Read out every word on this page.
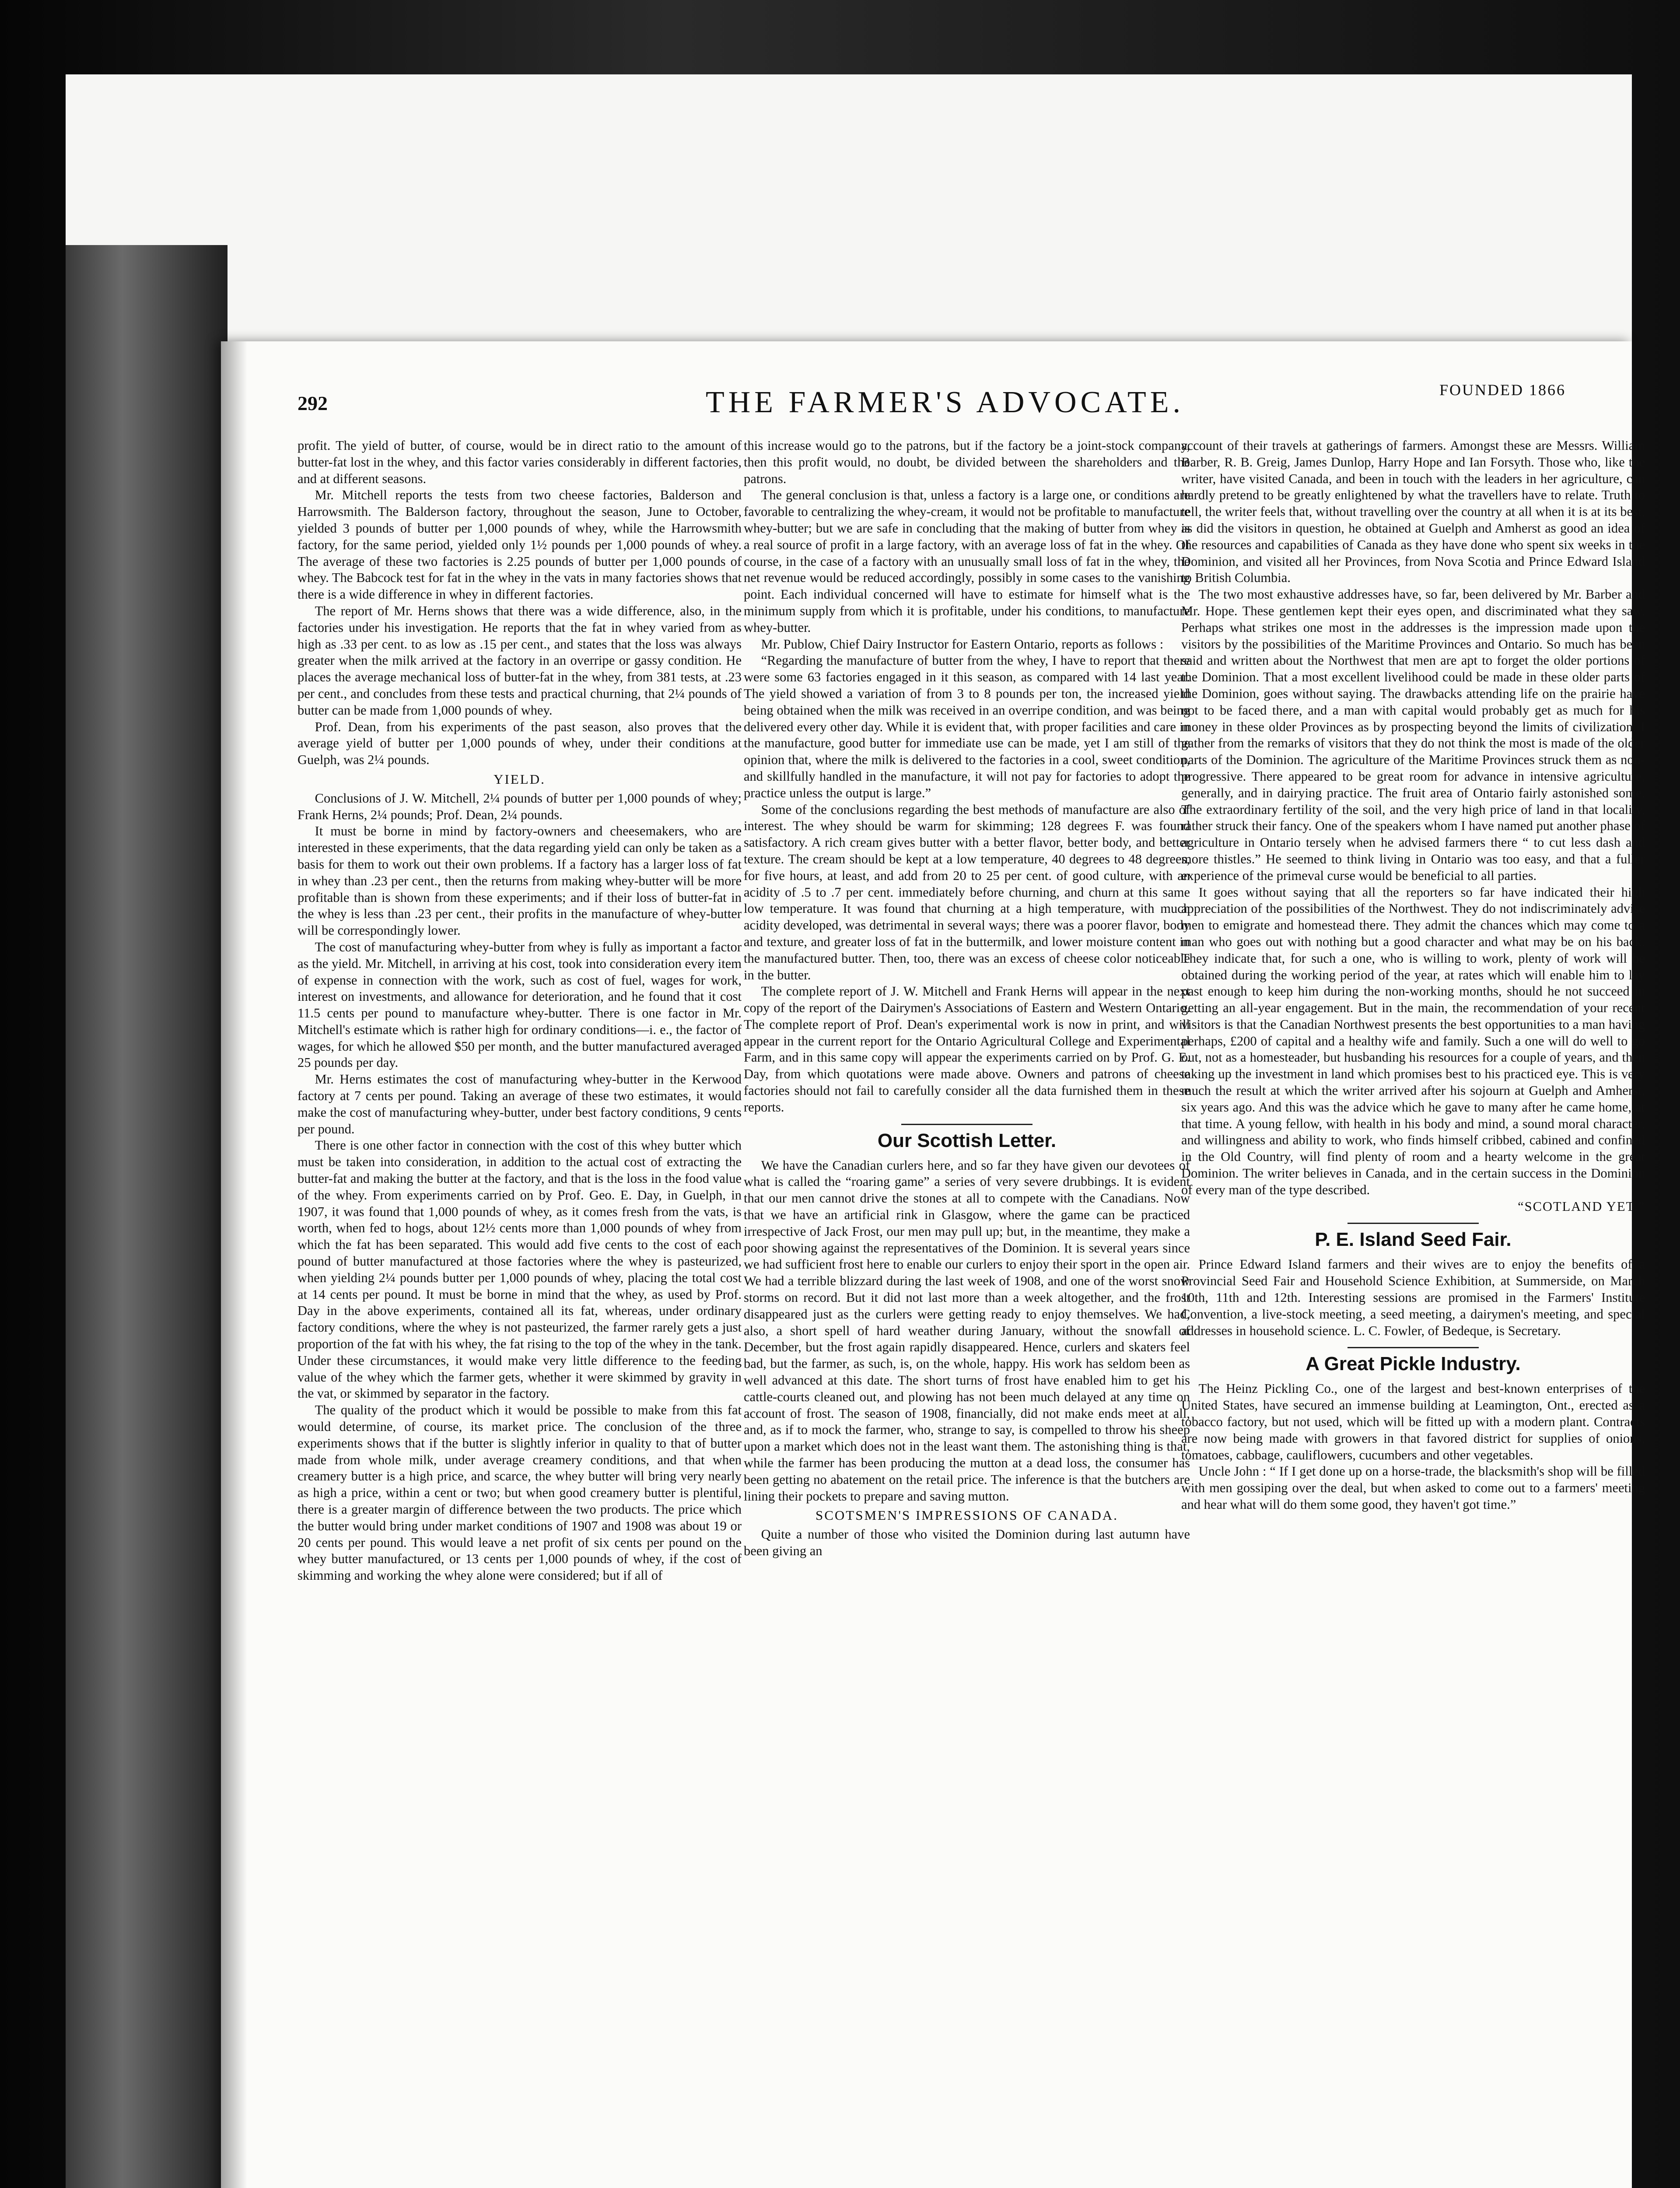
292	THE FARMER'S ADVOCATE.	FOUNDED 1866

profit. The yield of butter, of course, would be in direct ratio to the amount of butter-fat lost in the whey, and this factor varies considerably in different factories, and at different seasons.

Mr. Mitchell reports the tests from two cheese factories, Balderson and Harrowsmith. The Balderson factory, throughout the season, June to October, yielded 3 pounds of butter per 1,000 pounds of whey, while the Harrowsmith factory, for the same period, yielded only 1½ pounds per 1,000 pounds of whey. The average of these two factories is 2.25 pounds of butter per 1,000 pounds of whey. The Babcock test for fat in the whey in the vats in many factories shows that there is a wide difference in whey in different factories.

The report of Mr. Herns shows that there was a wide difference, also, in the factories under his investigation. He reports that the fat in whey varied from as high as .33 per cent. to as low as .15 per cent., and states that the loss was always greater when the milk arrived at the factory in an overripe or gassy condition. He places the average mechanical loss of butter-fat in the whey, from 381 tests, at .23 per cent., and concludes from these tests and practical churning, that 2¼ pounds of butter can be made from 1,000 pounds of whey.

Prof. Dean, from his experiments of the past season, also proves that the average yield of butter per 1,000 pounds of whey, under their conditions at Guelph, was 2¼ pounds.

YIELD.

Conclusions of J. W. Mitchell, 2¼ pounds of butter per 1,000 pounds of whey; Frank Herns, 2¼ pounds; Prof. Dean, 2¼ pounds.

It must be borne in mind by factory-owners and cheesemakers, who are interested in these experiments, that the data regarding yield can only be taken as a basis for them to work out their own problems. If a factory has a larger loss of fat in whey than .23 per cent., then the returns from making whey-butter will be more profitable than is shown from these experiments; and if their loss of butter-fat in the whey is less than .23 per cent., their profits in the manufacture of whey-butter will be correspondingly lower.

The cost of manufacturing whey-butter from whey is fully as important a factor as the yield. Mr. Mitchell, in arriving at his cost, took into consideration every item of expense in connection with the work, such as cost of fuel, wages for work, interest on investments, and allowance for deterioration, and he found that it cost 11.5 cents per pound to manufacture whey-butter. There is one factor in Mr. Mitchell's estimate which is rather high for ordinary conditions—i. e., the factor of wages, for which he allowed $50 per month, and the butter manufactured averaged 25 pounds per day.

Mr. Herns estimates the cost of manufacturing whey-butter in the Kerwood factory at 7 cents per pound. Taking an average of these two estimates, it would make the cost of manufacturing whey-butter, under best factory conditions, 9 cents per pound.

There is one other factor in connection with the cost of this whey butter which must be taken into consideration, in addition to the actual cost of extracting the butter-fat and making the butter at the factory, and that is the loss in the food value of the whey. From experiments carried on by Prof. Geo. E. Day, in Guelph, in 1907, it was found that 1,000 pounds of whey, as it comes fresh from the vats, is worth, when fed to hogs, about 12½ cents more than 1,000 pounds of whey from which the fat has been separated. This would add five cents to the cost of each pound of butter manufactured at those factories where the whey is pasteurized, when yielding 2¼ pounds butter per 1,000 pounds of whey, placing the total cost at 14 cents per pound. It must be borne in mind that the whey, as used by Prof. Day in the above experiments, contained all its fat, whereas, under ordinary factory conditions, where the whey is not pasteurized, the farmer rarely gets a just proportion of the fat with his whey, the fat rising to the top of the whey in the tank. Under these circumstances, it would make very little difference to the feeding value of the whey which the farmer gets, whether it were skimmed by gravity in the vat, or skimmed by separator in the factory.

The quality of the product which it would be possible to make from this fat would determine, of course, its market price. The conclusion of the three experiments shows that if the butter is slightly inferior in quality to that of butter made from whole milk, under average creamery conditions, and that when creamery butter is a high price, and scarce, the whey butter will bring very nearly as high a price, within a cent or two; but when good creamery butter is plentiful, there is a greater margin of difference between the two products. The price which the butter would bring under market conditions of 1907 and 1908 was about 19 or 20 cents per pound. This would leave a net profit of six cents per pound on the whey butter manufactured, or 13 cents per 1,000 pounds of whey, if the cost of skimming and working the whey alone were considered; but if all of

this increase would go to the patrons, but if the factory be a joint-stock company, then this profit would, no doubt, be divided between the shareholders and the patrons.

The general conclusion is that, unless a factory is a large one, or conditions are favorable to centralizing the whey-cream, it would not be profitable to manufacture whey-butter; but we are safe in concluding that the making of butter from whey is a real source of profit in a large factory, with an average loss of fat in the whey. Of course, in the case of a factory with an unusually small loss of fat in the whey, the net revenue would be reduced accordingly, possibly in some cases to the vanishing point. Each individual concerned will have to estimate for himself what is the minimum supply from which it is profitable, under his conditions, to manufacture whey-butter.

Mr. Publow, Chief Dairy Instructor for Eastern Ontario, reports as follows :

“Regarding the manufacture of butter from the whey, I have to report that there were some 63 factories engaged in it this season, as compared with 14 last year. The yield showed a variation of from 3 to 8 pounds per ton, the increased yield being obtained when the milk was received in an overripe condition, and was being delivered every other day. While it is evident that, with proper facilities and care in the manufacture, good butter for immediate use can be made, yet I am still of the opinion that, where the milk is delivered to the factories in a cool, sweet condition, and skillfully handled in the manufacture, it will not pay for factories to adopt the practice unless the output is large.”

Some of the conclusions regarding the best methods of manufacture are also of interest. The whey should be warm for skimming; 128 degrees F. was found satisfactory. A rich cream gives butter with a better flavor, better body, and better texture. The cream should be kept at a low temperature, 40 degrees to 48 degrees, for five hours, at least, and add from 20 to 25 per cent. of good culture, with an acidity of .5 to .7 per cent. immediately before churning, and churn at this same low temperature. It was found that churning at a high temperature, with much acidity developed, was detrimental in several ways; there was a poorer flavor, body and texture, and greater loss of fat in the buttermilk, and lower moisture content in the manufactured butter. Then, too, there was an excess of cheese color noticeable in the butter.

The complete report of J. W. Mitchell and Frank Herns will appear in the next copy of the report of the Dairymen's Associations of Eastern and Western Ontario. The complete report of Prof. Dean's experimental work is now in print, and will appear in the current report for the Ontario Agricultural College and Experimental Farm, and in this same copy will appear the experiments carried on by Prof. G. E. Day, from which quotations were made above. Owners and patrons of cheese factories should not fail to carefully consider all the data furnished them in these reports.

Our Scottish Letter.

We have the Canadian curlers here, and so far they have given our devotees of what is called the “roaring game” a series of very severe drubbings. It is evident that our men cannot drive the stones at all to compete with the Canadians. Now that we have an artificial rink in Glasgow, where the game can be practiced irrespective of Jack Frost, our men may pull up; but, in the meantime, they make a poor showing against the representatives of the Dominion. It is several years since we had sufficient frost here to enable our curlers to enjoy their sport in the open air. We had a terrible blizzard during the last week of 1908, and one of the worst snow storms on record. But it did not last more than a week altogether, and the frost disappeared just as the curlers were getting ready to enjoy themselves. We had, also, a short spell of hard weather during January, without the snowfall of December, but the frost again rapidly disappeared. Hence, curlers and skaters feel bad, but the farmer, as such, is, on the whole, happy. His work has seldom been as well advanced at this date. The short turns of frost have enabled him to get his cattle-courts cleaned out, and plowing has not been much delayed at any time on account of frost. The season of 1908, financially, did not make ends meet at all, and, as if to mock the farmer, who, strange to say, is compelled to throw his sheep upon a market which does not in the least want them. The astonishing thing is that, while the farmer has been producing the mutton at a dead loss, the consumer has been getting no abatement on the retail price. The inference is that the butchers are lining their pockets to prepare and saving mutton.

SCOTSMEN'S IMPRESSIONS OF CANADA.

Quite a number of those who visited the Dominion during last autumn have been giving an

account of their travels at gatherings of farmers. Amongst these are Messrs. William Barber, R. B. Greig, James Dunlop, Harry Hope and Ian Forsyth. Those who, like the writer, have visited Canada, and been in touch with the leaders in her agriculture, can hardly pretend to be greatly enlightened by what the travellers have to relate. Truth to tell, the writer feels that, without travelling over the country at all when it is at its best, as did the visitors in question, he obtained at Guelph and Amherst as good an idea of the resources and capabilities of Canada as they have done who spent six weeks in the Dominion, and visited all her Provinces, from Nova Scotia and Prince Edward Island to British Columbia.

The two most exhaustive addresses have, so far, been delivered by Mr. Barber and Mr. Hope. These gentlemen kept their eyes open, and discriminated what they saw. Perhaps what strikes one most in the addresses is the impression made upon the visitors by the possibilities of the Maritime Provinces and Ontario. So much has been said and written about the Northwest that men are apt to forget the older portions of the Dominion. That a most excellent livelihood could be made in these older parts of the Dominion, goes without saying. The drawbacks attending life on the prairie have not to be faced there, and a man with capital would probably get as much for his money in these older Provinces as by prospecting beyond the limits of civilization. I gather from the remarks of visitors that they do not think the most is made of the older parts of the Dominion. The agriculture of the Maritime Provinces struck them as non-progressive. There appeared to be great room for advance in intensive agriculture, generally, and in dairying practice. The fruit area of Ontario fairly astonished some. The extraordinary fertility of the soil, and the very high price of land in that locality, rather struck their fancy. One of the speakers whom I have named put another phase of agriculture in Ontario tersely when he advised farmers there “ to cut less dash and more thistles.” He seemed to think living in Ontario was too easy, and that a fuller experience of the primeval curse would be beneficial to all parties.

It goes without saying that all the reporters so far have indicated their high appreciation of the possibilities of the Northwest. They do not indiscriminately advise men to emigrate and homestead there. They admit the chances which may come to a man who goes out with nothing but a good character and what may be on his back. They indicate that, for such a one, who is willing to work, plenty of work will be obtained during the working period of the year, at rates which will enable him to lay past enough to keep him during the non-working months, should he not succeed in getting an all-year engagement. But in the main, the recommendation of your recent visitors is that the Canadian Northwest presents the best opportunities to a man having perhaps, £200 of capital and a healthy wife and family. Such a one will do well to go out, not as a homesteader, but husbanding his resources for a couple of years, and then taking up the investment in land which promises best to his practiced eye. This is very much the result at which the writer arrived after his sojourn at Guelph and Amherst, six years ago. And this was the advice which he gave to many after he came home, at that time. A young fellow, with health in his body and mind, a sound moral character, and willingness and ability to work, who finds himself cribbed, cabined and confined in the Old Country, will find plenty of room and a hearty welcome in the great Dominion. The writer believes in Canada, and in the certain success in the Dominion of every man of the type described.

“SCOTLAND YET.”
P. E. Island Seed Fair.

Prince Edward Island farmers and their wives are to enjoy the benefits of a Provincial Seed Fair and Household Science Exhibition, at Summerside, on March 10th, 11th and 12th. Interesting sessions are promised in the Farmers' Institute Convention, a live-stock meeting, a seed meeting, a dairymen's meeting, and special addresses in household science. L. C. Fowler, of Bedeque, is Secretary.

A Great Pickle Industry.

The Heinz Pickling Co., one of the largest and best-known enterprises of the United States, have secured an immense building at Leamington, Ont., erected as a tobacco factory, but not used, which will be fitted up with a modern plant. Contracts are now being made with growers in that favored district for supplies of onions, tomatoes, cabbage, cauliflowers, cucumbers and other vegetables.

Uncle John : “ If I get done up on a horse-trade, the blacksmith's shop will be filled with men gossiping over the deal, but when asked to come out to a farmers' meeting and hear what will do them some good, they haven't got time.”
